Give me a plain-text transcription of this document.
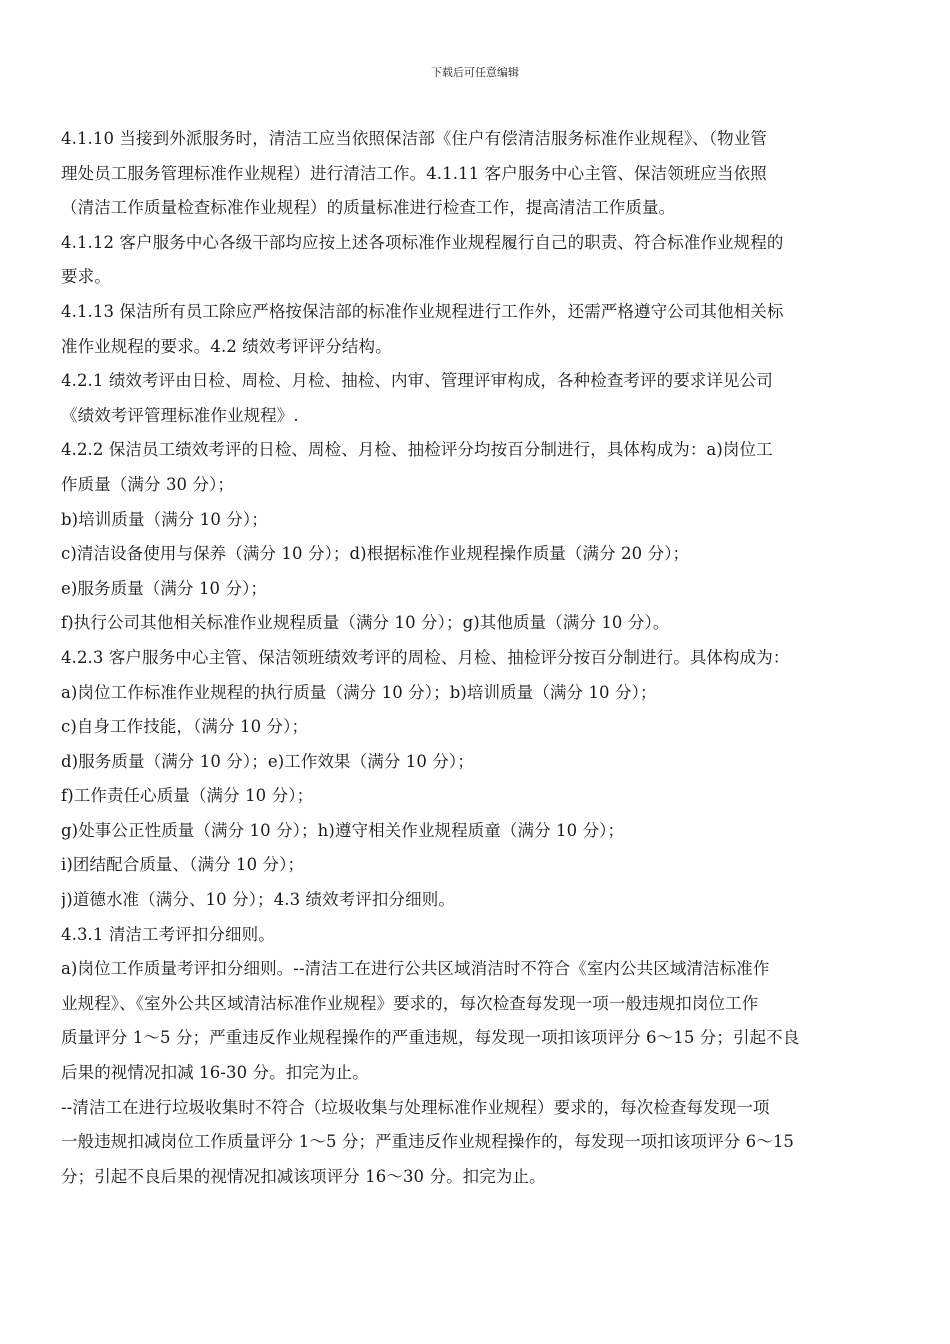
下载后可任意编辑
4.1.10 当接到外派服务时，清洁工应当依照保洁部《住户有偿清洁服务标准作业规程》、（物业管
理处员工服务管理标准作业规程）进行清洁工作。4.1.11 客户服务中心主管、保洁领班应当依照
（清洁工作质量检查标准作业规程）的质量标准进行检查工作，提高清洁工作质量。
4.1.12 客户服务中心各级干部均应按上述各项标准作业规程履行自己的职责、符合标准作业规程的
要求。
4.1.13 保洁所有员工除应严格按保洁部的标准作业规程进行工作外，还需严格遵守公司其他相关标
准作业规程的要求。4.2 绩效考评评分结构。
4.2.1 绩效考评由日检、周检、月检、抽检、内审、管理评审构成，各种检查考评的要求详见公司
《绩效考评管理标准作业规程》.
4.2.2 保洁员工绩效考评的日检、周检、月检、抽检评分均按百分制进行，具体构成为：a)岗位工
作质量（满分 30 分）；
b)培训质量（满分 10 分）；
c)清洁设备使用与保养（满分 10 分）；d)根据标准作业规程操作质量（满分 20 分）；
e)服务质量（满分 10 分）；
f)执行公司其他相关标准作业规程质量（满分 10 分）；g)其他质量（满分 10 分）。
4.2.3 客户服务中心主管、保洁领班绩效考评的周检、月检、抽检评分按百分制进行。具体构成为：
a)岗位工作标准作业规程的执行质量（满分 10 分）；b)培训质量（满分 10 分）；
c)自身工作技能，（满分 10 分）；
d)服务质量（满分 10 分）；e)工作效果（满分 10 分）；
f)工作责任心质量（满分 10 分）；
g)处事公正性质量（满分 10 分）；h)遵守相关作业规程质童（满分 10 分）；
i)团结配合质量、（满分 10 分）；
j)道德水准（满分、10 分）；4.3 绩效考评扣分细则。
4.3.1 清洁工考评扣分细则。
a)岗位工作质量考评扣分细则。--清洁工在进行公共区域消洁时不符合《室内公共区域清洁标准作
业规程》、《室外公共区域清沽标准作业规程》要求的，每次检查每发现一项一般违规扣岗位工作
质量评分 1～5 分；严重违反作业规程操作的严重违规，每发现一项扣该项评分 6～15 分；引起不良
后果的视情况扣减 16-30 分。扣完为止。
--清洁工在进行垃圾收集时不符合（垃圾收集与处理标准作业规程）要求的，每次检查每发现一项
一般违规扣减岗位工作质量评分 1～5 分；严重违反作业规程操作的，每发现一项扣该项评分 6～15
分；引起不良后果的视情况扣减该项评分 16～30 分。扣完为止。
